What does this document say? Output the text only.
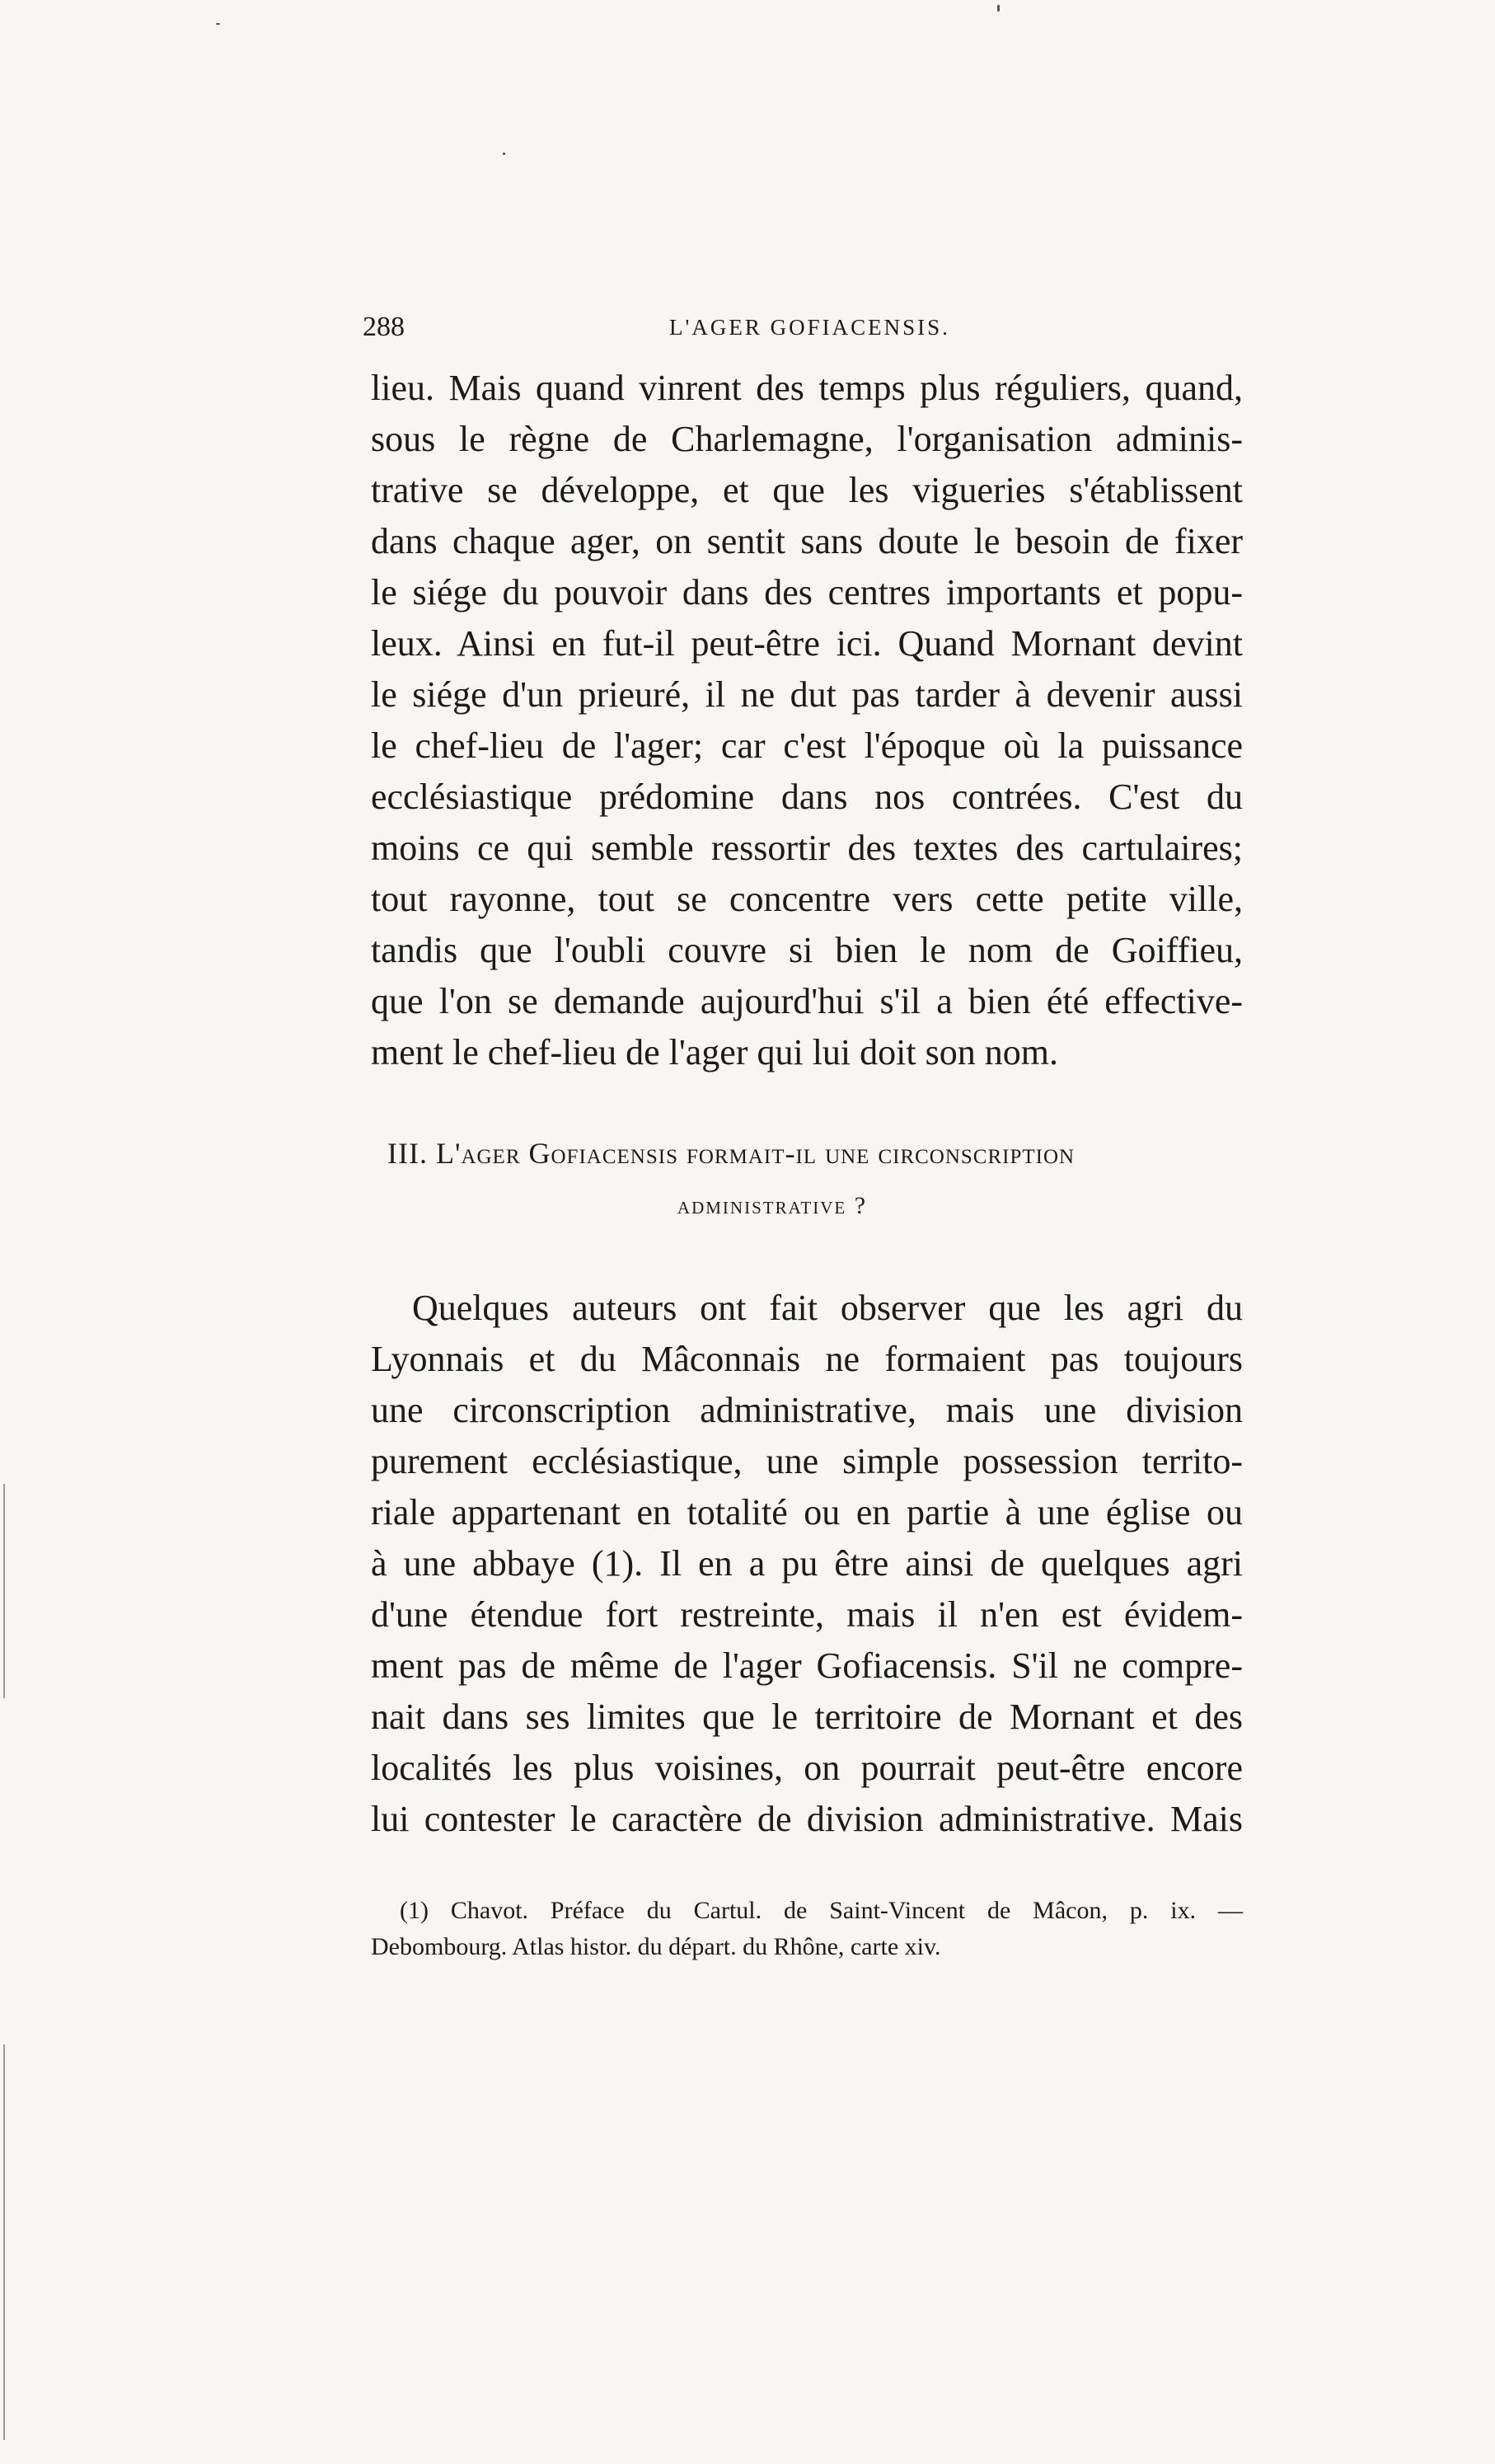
288	L'AGER GOFIACENSIS.
lieu. Mais quand vinrent des temps plus réguliers, quand,
sous le règne de Charlemagne, l'organisation adminis-
trative se développe, et que les vigueries s'établissent
dans chaque ager, on sentit sans doute le besoin de fixer
le siége du pouvoir dans des centres importants et popu-
leux. Ainsi en fut-il peut-être ici. Quand Mornant devint
le siége d'un prieuré, il ne dut pas tarder à devenir aussi
le chef-lieu de l'ager; car c'est l'époque où la puissance
ecclésiastique prédomine dans nos contrées. C'est du
moins ce qui semble ressortir des textes des cartulaires;
tout rayonne, tout se concentre vers cette petite ville,
tandis que l'oubli couvre si bien le nom de Goiffieu,
que l'on se demande aujourd'hui s'il a bien été effective-
ment le chef-lieu de l'ager qui lui doit son nom.
III. L'ager Gofiacensis formait-il une circonscription
administrative ?
Quelques auteurs ont fait observer que les agri du
Lyonnais et du Mâconnais ne formaient pas toujours
une circonscription administrative, mais une division
purement ecclésiastique, une simple possession territo-
riale appartenant en totalité ou en partie à une église ou
à une abbaye (1). Il en a pu être ainsi de quelques agri
d'une étendue fort restreinte, mais il n'en est évidem-
ment pas de même de l'ager Gofiacensis. S'il ne compre-
nait dans ses limites que le territoire de Mornant et des
localités les plus voisines, on pourrait peut-être encore
lui contester le caractère de division administrative. Mais
(1) Chavot. Préface du Cartul. de Saint-Vincent de Mâcon, p. ix. —
Debombourg. Atlas histor. du départ. du Rhône, carte xiv.
